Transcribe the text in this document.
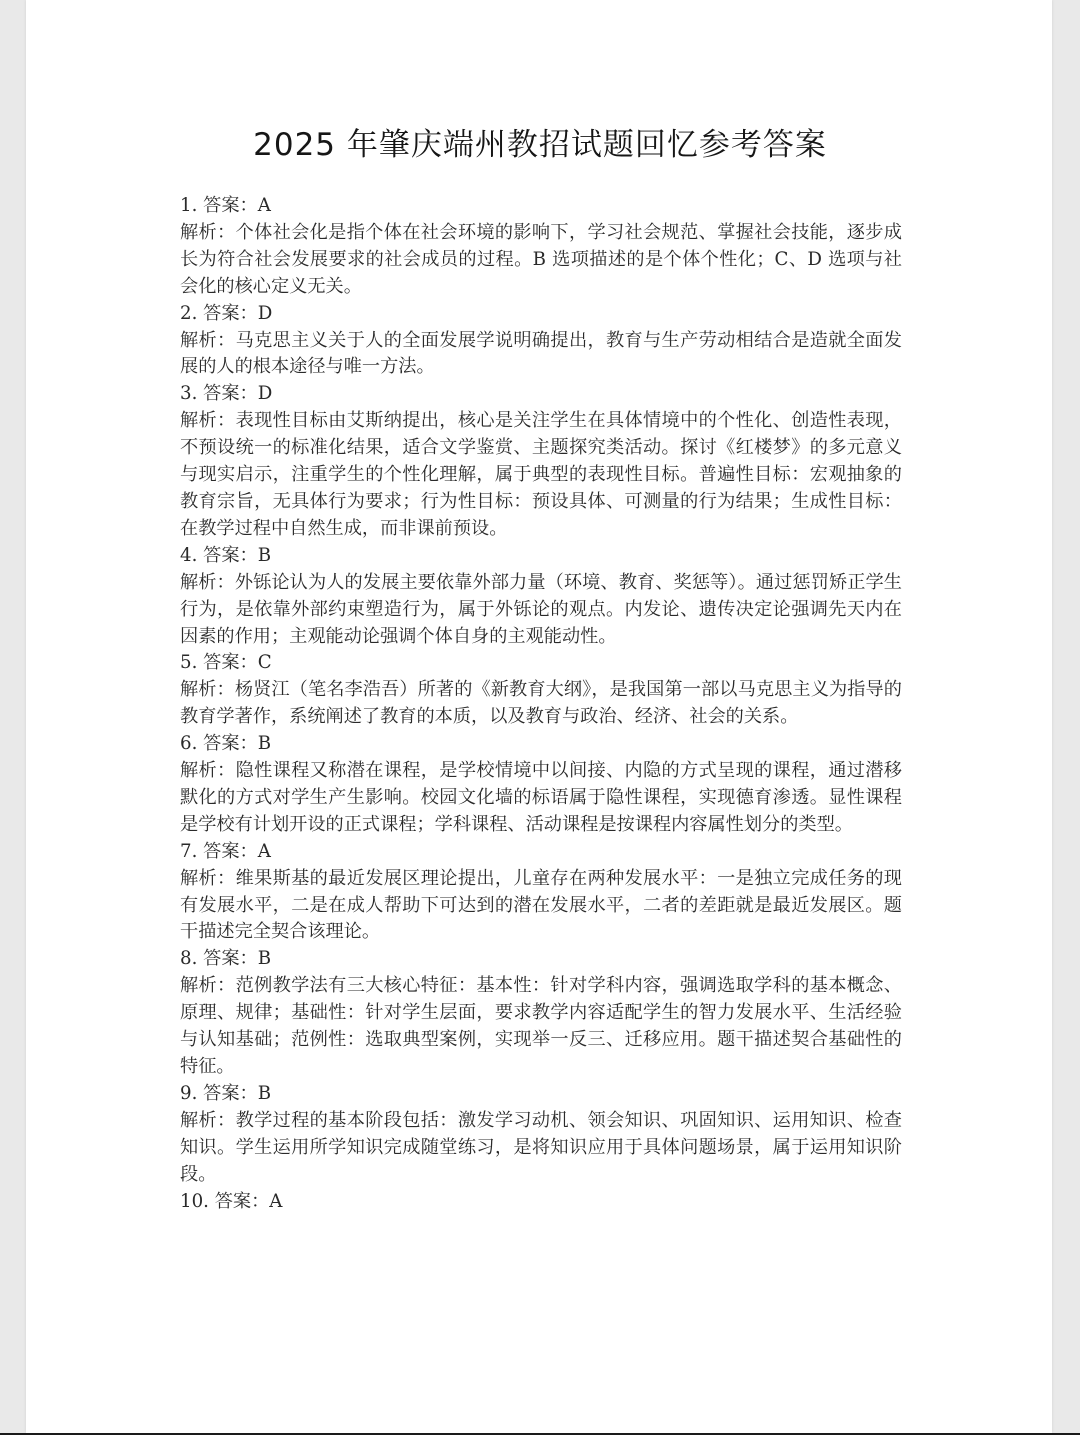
2025 年肇庆端州教招试题回忆参考答案
1. 答案：A
解析：个体社会化是指个体在社会环境的影响下，学习社会规范、掌握社会技能，逐步成长为符合社会发展要求的社会成员的过程。B 选项描述的是个体个性化；C、D 选项与社会化的核心定义无关。
2. 答案：D
解析：马克思主义关于人的全面发展学说明确提出，教育与生产劳动相结合是造就全面发展的人的根本途径与唯一方法。
3. 答案：D
解析：表现性目标由艾斯纳提出，核心是关注学生在具体情境中的个性化、创造性表现，不预设统一的标准化结果，适合文学鉴赏、主题探究类活动。探讨《红楼梦》的多元意义与现实启示，注重学生的个性化理解，属于典型的表现性目标。普遍性目标：宏观抽象的教育宗旨，无具体行为要求；行为性目标：预设具体、可测量的行为结果；生成性目标：在教学过程中自然生成，而非课前预设。
4. 答案：B
解析：外铄论认为人的发展主要依靠外部力量（环境、教育、奖惩等）。通过惩罚矫正学生行为，是依靠外部约束塑造行为，属于外铄论的观点。内发论、遗传决定论强调先天内在因素的作用；主观能动论强调个体自身的主观能动性。
5. 答案：C
解析：杨贤江（笔名李浩吾）所著的《新教育大纲》，是我国第一部以马克思主义为指导的教育学著作，系统阐述了教育的本质，以及教育与政治、经济、社会的关系。
6. 答案：B
解析：隐性课程又称潜在课程，是学校情境中以间接、内隐的方式呈现的课程，通过潜移默化的方式对学生产生影响。校园文化墙的标语属于隐性课程，实现德育渗透。显性课程是学校有计划开设的正式课程；学科课程、活动课程是按课程内容属性划分的类型。
7. 答案：A
解析：维果斯基的最近发展区理论提出，儿童存在两种发展水平：一是独立完成任务的现有发展水平，二是在成人帮助下可达到的潜在发展水平，二者的差距就是最近发展区。题干描述完全契合该理论。
8. 答案：B
解析：范例教学法有三大核心特征：基本性：针对学科内容，强调选取学科的基本概念、原理、规律；基础性：针对学生层面，要求教学内容适配学生的智力发展水平、生活经验与认知基础；范例性：选取典型案例，实现举一反三、迁移应用。题干描述契合基础性的特征。
9. 答案：B
解析：教学过程的基本阶段包括：激发学习动机、领会知识、巩固知识、运用知识、检查知识。学生运用所学知识完成随堂练习，是将知识应用于具体问题场景，属于运用知识阶段。
10. 答案：A
